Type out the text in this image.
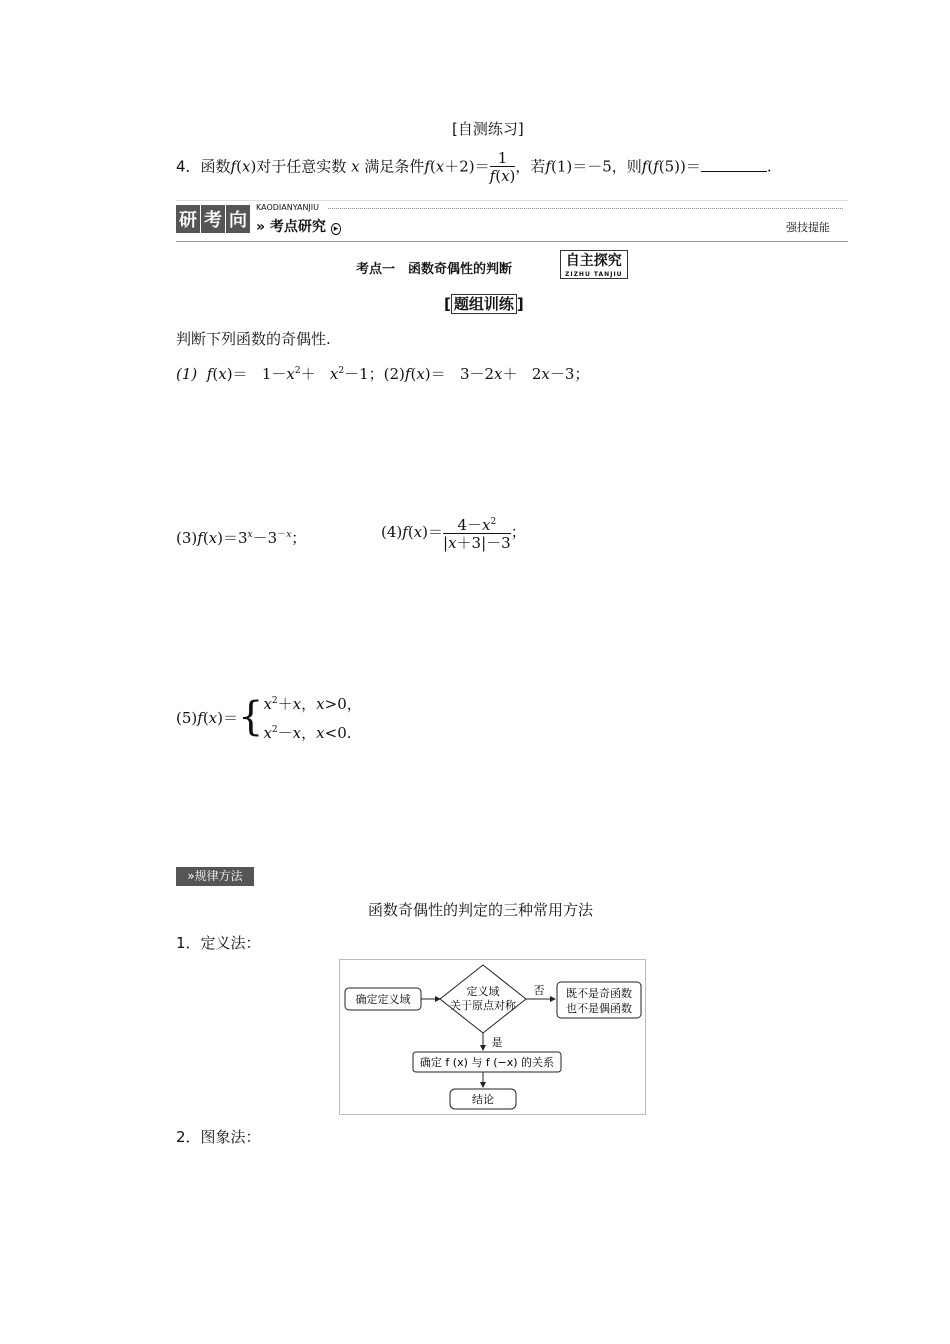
[自测练习]
4．函数f(x)对于任意实数 x 满足条件$f(x+2)= \frac{1}{f(x)}$ ，若f(1)＝－5，则f(f(5))＝	.
研 考 向
KAODIANYANJIU
» 考点研究 ▸	强技提能
考点一　函数奇偶性的判断
自主探究
ZIZHU TANJIU
[ 题组训练 ]
判断下列函数的奇偶性.
(1) $f(x)= 1-x^2+ x^2-1$；(2)f(x)＝   3－2x＋   2x－3；
$(3)f(x)=3^x-3^{-x}$；	$(4)f(x)= \frac{4-x^2}{|x+3|-3}$ ；
$(5)f(x)=\{x^2+x$，x>0，
$x^2-x$，x<0.
»规律方法
函数奇偶性的判定的三种常用方法
1．定义法：
确定定义域
定义域
关于原点对称
否 既不是奇函数
也不是偶函数
是
确定 f (x) 与 f (−x) 的关系
结论
2．图象法：
